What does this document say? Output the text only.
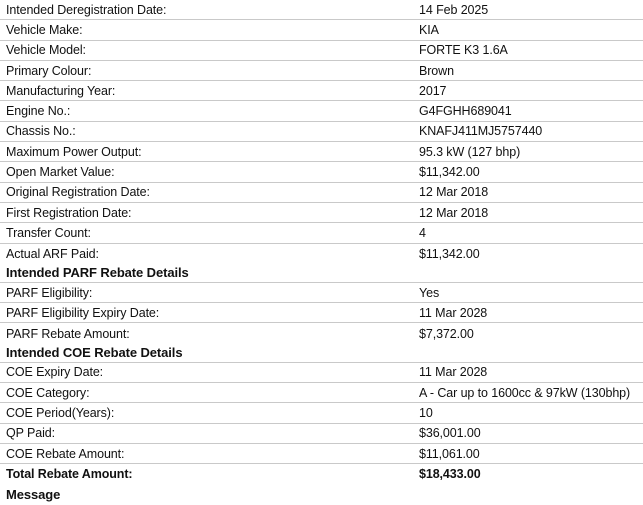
Intended Deregistration Date:	14 Feb 2025
Vehicle Make:	KIA
Vehicle Model:	FORTE K3 1.6A
Primary Colour:	Brown
Manufacturing Year:	2017
Engine No.:	G4FGHH689041
Chassis No.:	KNAFJ411MJ5757440
Maximum Power Output:	95.3 kW (127 bhp)
Open Market Value:	$11,342.00
Original Registration Date:	12 Mar 2018
First Registration Date:	12 Mar 2018
Transfer Count:	4
Actual ARF Paid:	$11,342.00
Intended PARF Rebate Details
PARF Eligibility:	Yes
PARF Eligibility Expiry Date:	11 Mar 2028
PARF Rebate Amount:	$7,372.00
Intended COE Rebate Details
COE Expiry Date:	11 Mar 2028
COE Category:	A - Car up to 1600cc & 97kW (130bhp)
COE Period(Years):	10
QP Paid:	$36,001.00
COE Rebate Amount:	$11,061.00
Total Rebate Amount:	$18,433.00
Message
